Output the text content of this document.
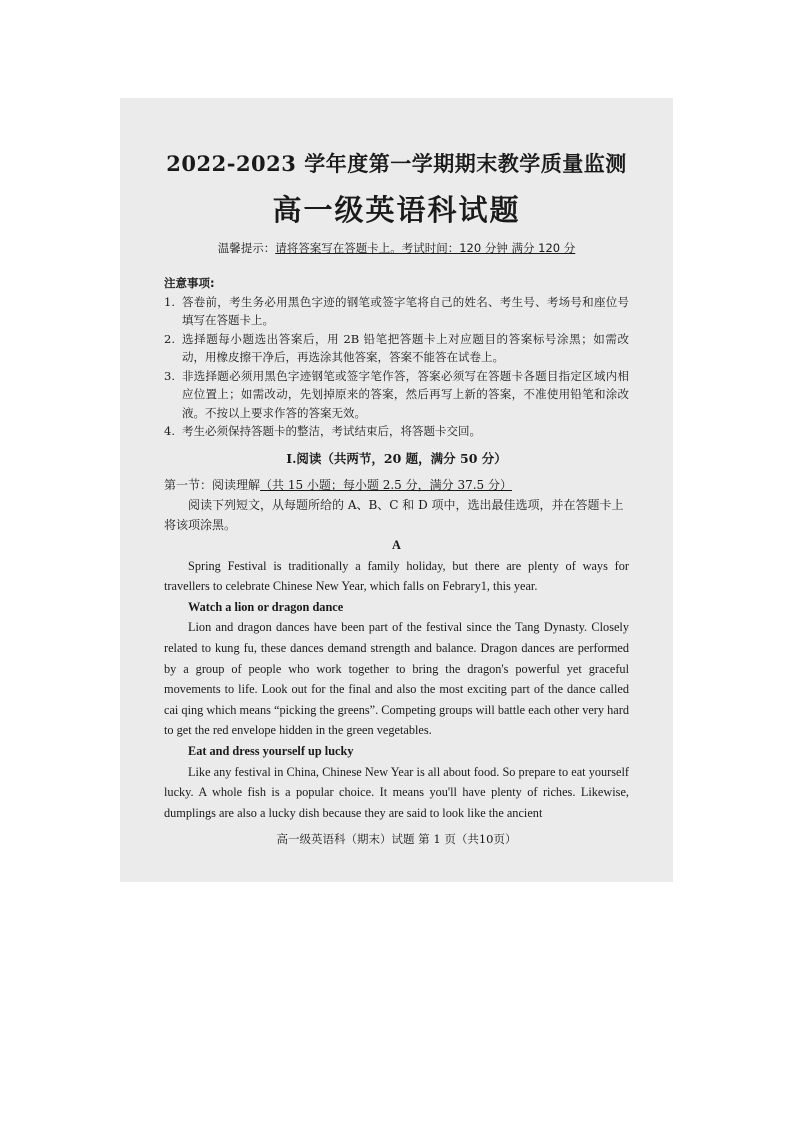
2022-2023 学年度第一学期期末教学质量监测
高一级英语科试题
温馨提示：请将答案写在答题卡上。考试时间：120 分钟 满分 120 分
注意事项:
1. 答卷前，考生务必用黑色字迹的钢笔或签字笔将自己的姓名、考生号、考场号和座位号填写在答题卡上。
2. 选择题每小题选出答案后，用 2B 铅笔把答题卡上对应题目的答案标号涂黑；如需改动，用橡皮擦干净后，再选涂其他答案，答案不能答在试卷上。
3. 非选择题必须用黑色字迹钢笔或签字笔作答，答案必须写在答题卡各题目指定区域内相应位置上；如需改动，先划掉原来的答案，然后再写上新的答案，不准使用铅笔和涂改液。不按以上要求作答的答案无效。
4. 考生必须保持答题卡的整洁，考试结束后，将答题卡交回。
I.阅读（共两节，20 题，满分 50 分）
第一节：阅读理解（共 15 小题；每小题 2.5 分，满分 37.5 分）
阅读下列短文，从每题所给的 A、B、C 和 D 项中，选出最佳选项，并在答题卡上将该项涂黑。

A

Spring Festival is traditionally a family holiday, but there are plenty of ways for travellers to celebrate Chinese New Year, which falls on Febrary1, this year.

Watch a lion or dragon dance

Lion and dragon dances have been part of the festival since the Tang Dynasty. Closely related to kung fu, these dances demand strength and balance. Dragon dances are performed by a group of people who work together to bring the dragon's powerful yet graceful movements to life. Look out for the final and also the most exciting part of the dance called cai qing which means “picking the greens”. Competing groups will battle each other very hard to get the red envelope hidden in the green vegetables.

Eat and dress yourself up lucky

Like any festival in China, Chinese New Year is all about food. So prepare to eat yourself lucky. A whole fish is a popular choice. It means you'll have plenty of riches. Likewise, dumplings are also a lucky dish because they are said to look like the ancient

高一级英语科（期末）试题 第 1 页（共10页）
